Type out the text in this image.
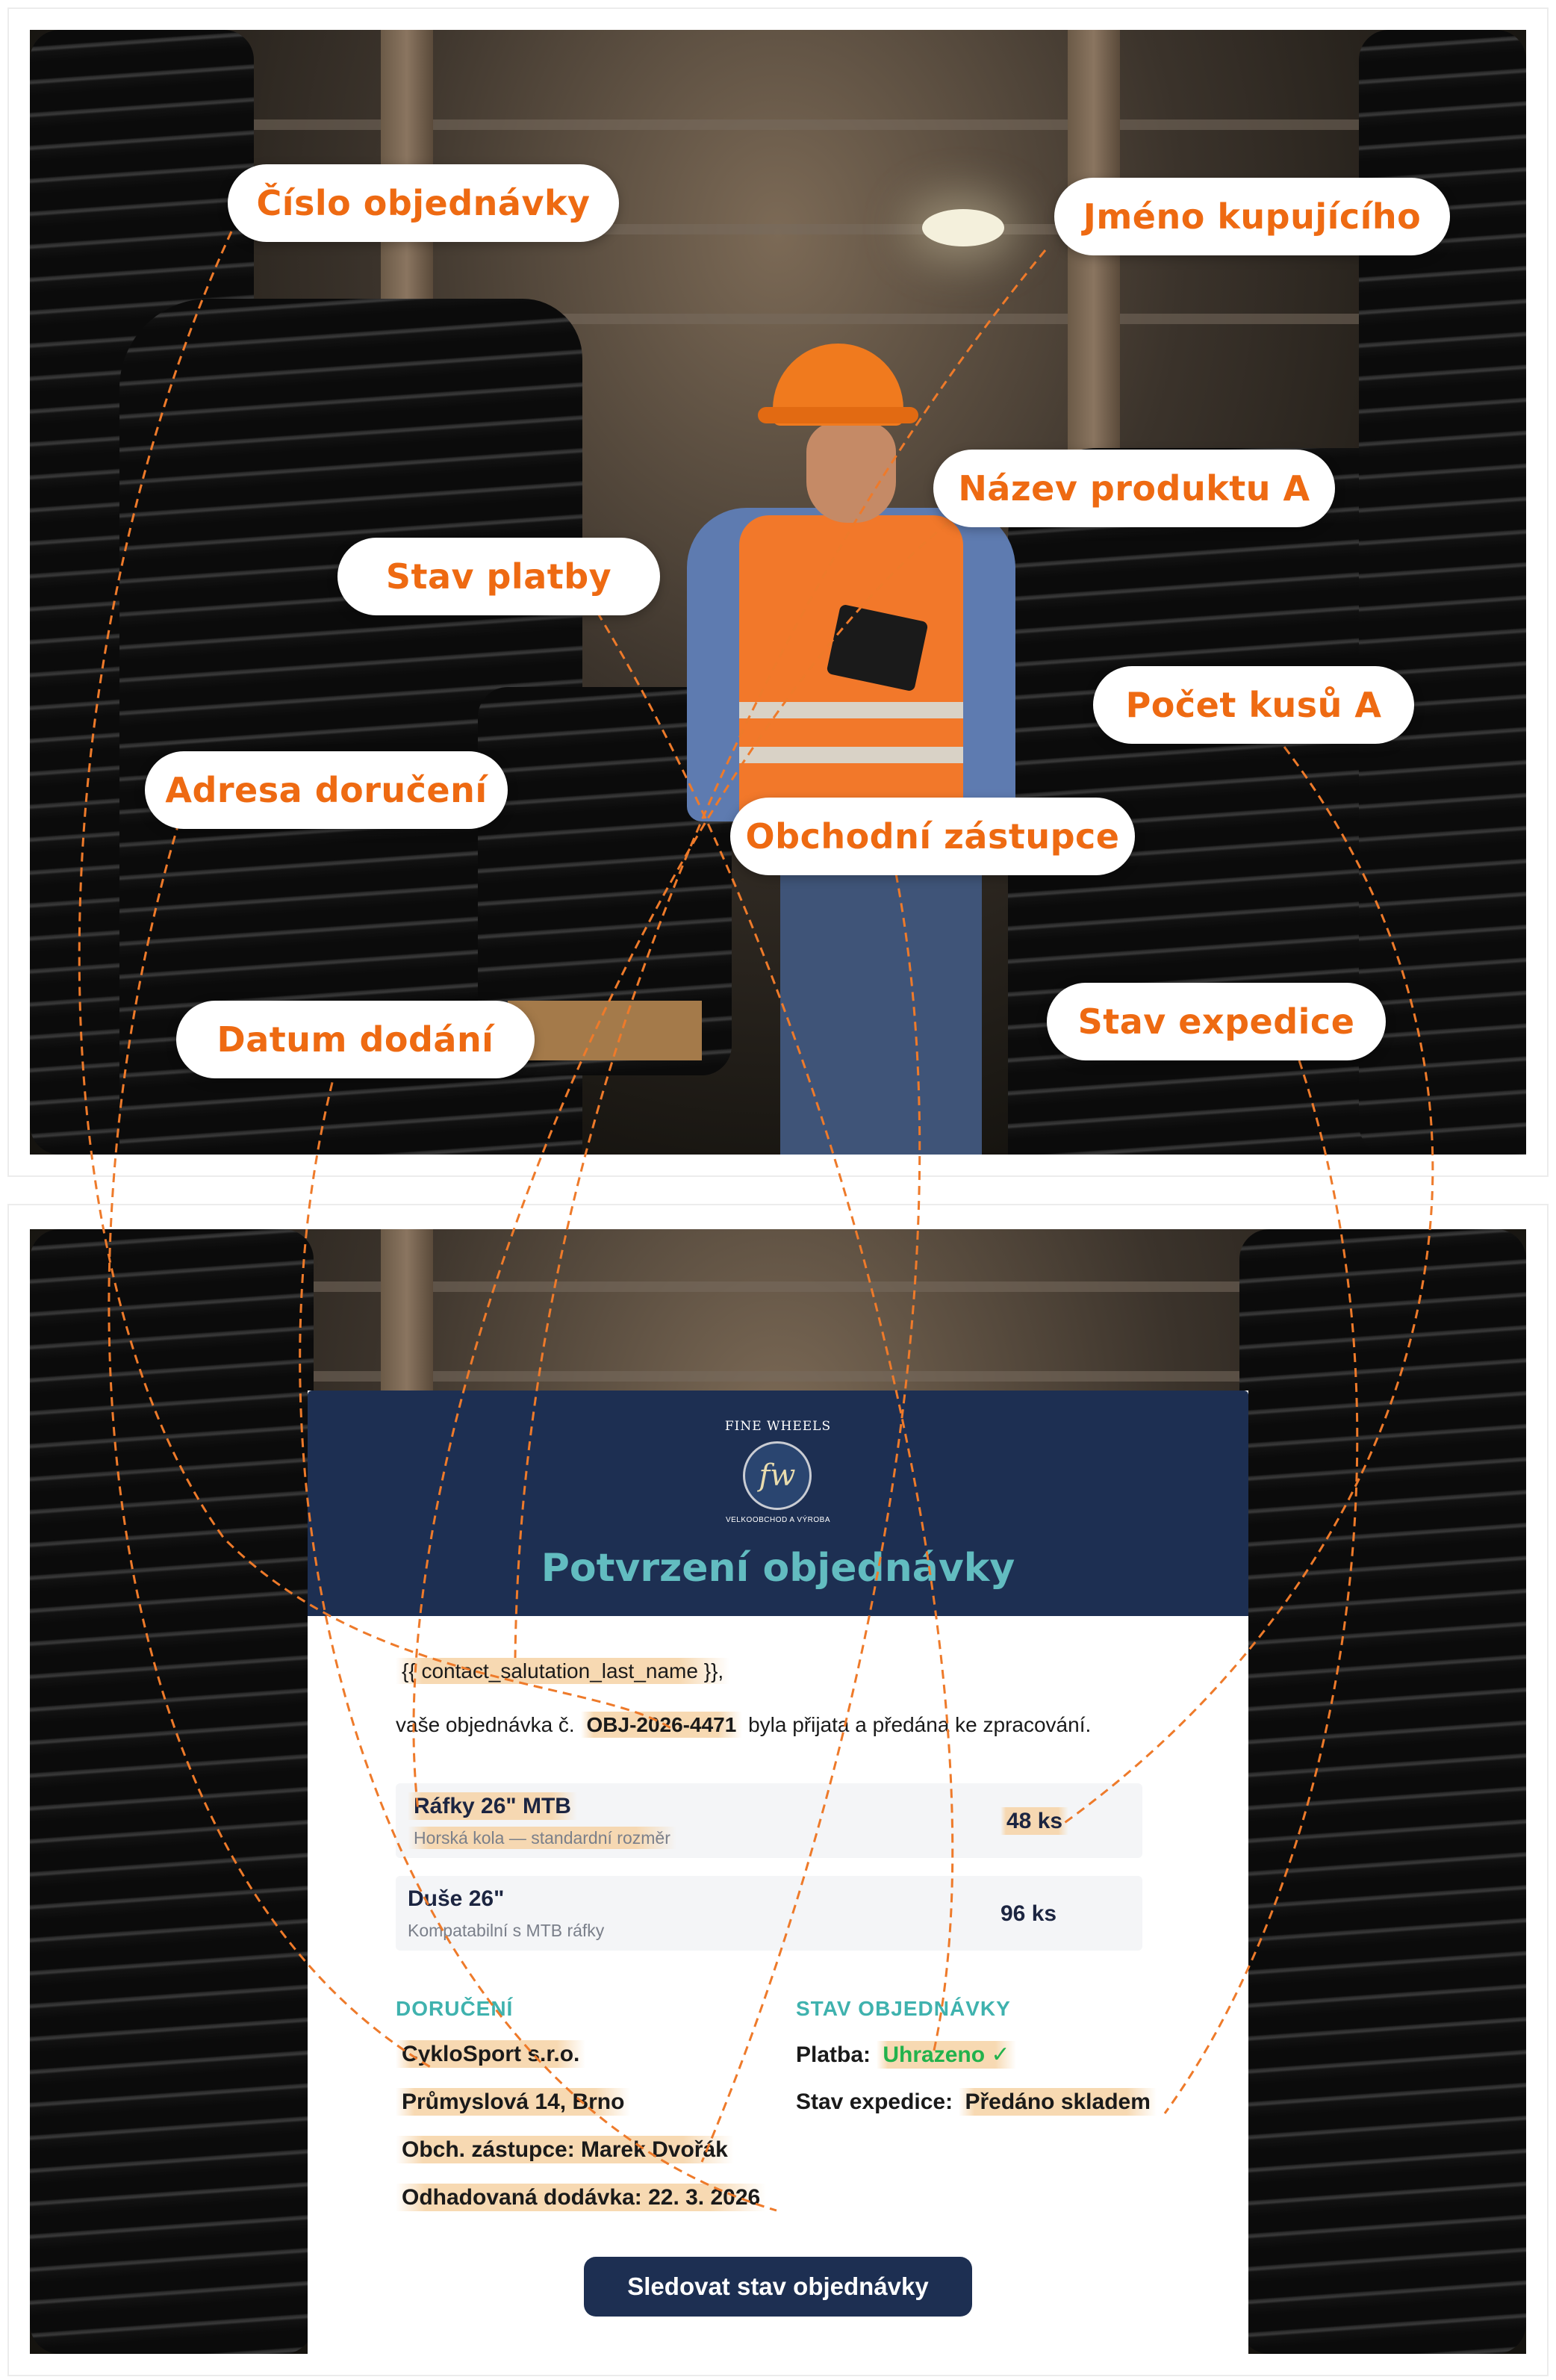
FINE WHEELS
fw
VELKOOBCHOD A VÝROBA
Potvrzení objednávky
{{ contact_salutation_last_name }},
vaše objednávka č. OBJ-2026-4471 byla přijata a předána ke zpracování.
Ráfky 26" MTB
Horská kola — standardní rozměr
48 ks
Duše 26"
Kompatabilní s MTB ráfky
96 ks
DORUČENÍ
CykloSport s.r.o.
Průmyslová 14, Brno
Obch. zástupce: Marek Dvořák
Odhadovaná dodávka: 22. 3. 2026
STAV OBJEDNÁVKY
Platba: Uhrazeno ✓
Stav expedice: Předáno skladem
Sledovat stav objednávky
Číslo objednávky	Jméno kupujícího
Název produktu A
Stav platby
Počet kusů A
Adresa doručení
Obchodní zástupce
Datum dodání	Stav expedice
